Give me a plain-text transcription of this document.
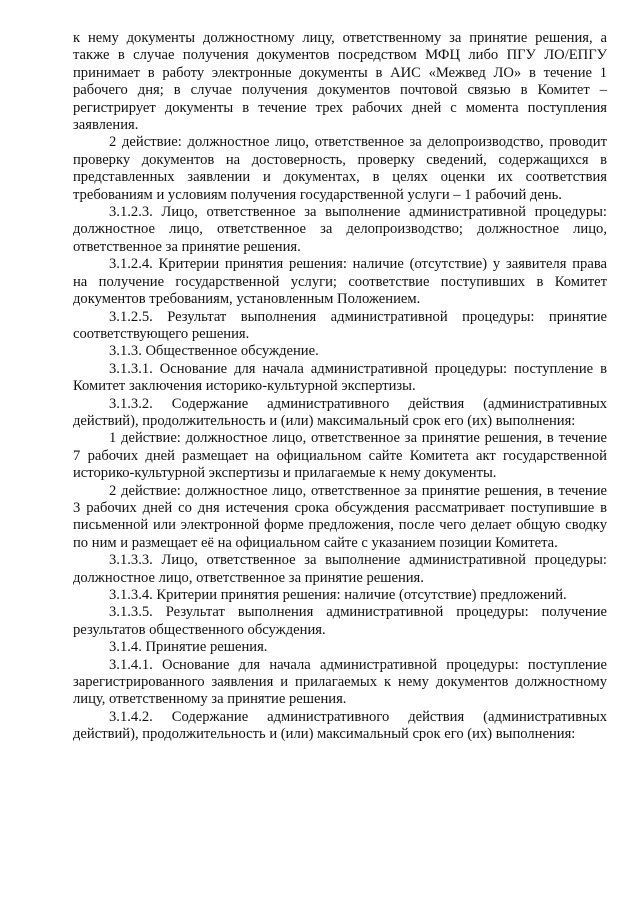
к нему документы должностному лицу, ответственному за принятие решения, а также в случае получения документов посредством МФЦ либо ПГУ ЛО/ЕПГУ принимает в работу электронные документы в АИС «Межвед ЛО» в течение 1 рабочего дня; в случае получения документов почтовой связью в Комитет – регистрирует документы в течение трех рабочих дней с момента поступления заявления.

2 действие: должностное лицо, ответственное за делопроизводство, проводит проверку документов на достоверность, проверку сведений, содержащихся в представленных заявлении и документах, в целях оценки их соответствия требованиям и условиям получения государственной услуги – 1 рабочий день.

3.1.2.3. Лицо, ответственное за выполнение административной процедуры: должностное лицо, ответственное за делопроизводство; должностное лицо, ответственное за принятие решения.

3.1.2.4. Критерии принятия решения: наличие (отсутствие) у заявителя права на получение государственной услуги; соответствие поступивших в Комитет документов требованиям, установленным Положением.

3.1.2.5. Результат выполнения административной процедуры: принятие соответствующего решения.

3.1.3. Общественное обсуждение.

3.1.3.1. Основание для начала административной процедуры: поступление в Комитет заключения историко-культурной экспертизы.

3.1.3.2. Содержание административного действия (административных действий), продолжительность и (или) максимальный срок его (их) выполнения:

1 действие: должностное лицо, ответственное за принятие решения, в течение 7 рабочих дней размещает на официальном сайте Комитета акт государственной историко-культурной экспертизы и прилагаемые к нему документы.

2 действие: должностное лицо, ответственное за принятие решения, в течение 3 рабочих дней со дня истечения срока обсуждения рассматривает поступившие в письменной или электронной форме предложения, после чего делает общую сводку по ним и размещает её на официальном сайте с указанием позиции Комитета.

3.1.3.3. Лицо, ответственное за выполнение административной процедуры: должностное лицо, ответственное за принятие решения.

3.1.3.4. Критерии принятия решения: наличие (отсутствие) предложений.

3.1.3.5. Результат выполнения административной процедуры: получение результатов общественного обсуждения.

3.1.4. Принятие решения.

3.1.4.1. Основание для начала административной процедуры: поступление зарегистрированного заявления и прилагаемых к нему документов должностному лицу, ответственному за принятие решения.

3.1.4.2. Содержание административного действия (административных действий), продолжительность и (или) максимальный срок его (их) выполнения:
